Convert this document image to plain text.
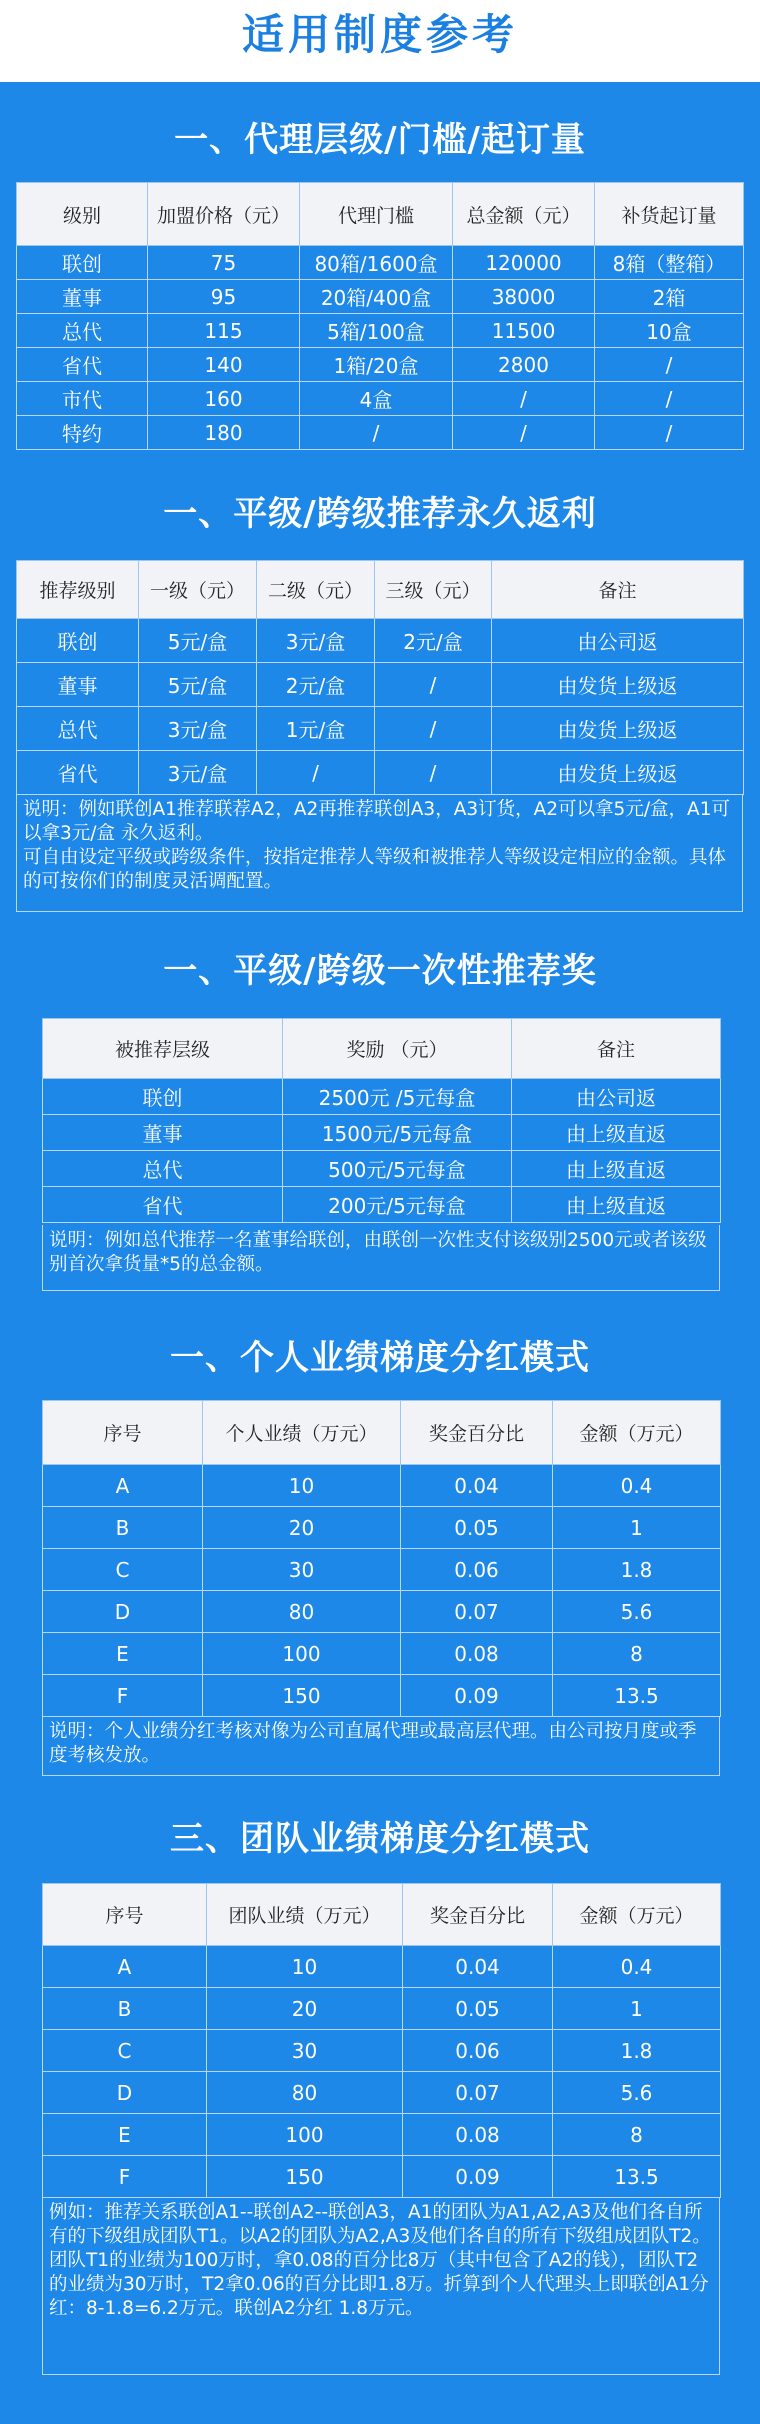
适用制度参考
一、代理层级/门槛/起订量
级别	加盟价格（元）	代理门槛	总金额（元）	补货起订量
联创	75	80箱/1600盒	120000	8箱（整箱）
董事	95	20箱/400盒	38000	2箱
总代	115	5箱/100盒	11500	10盒
省代	140	1箱/20盒	2800	/
市代	160	4盒	/	/
特约	180	/	/	/
一、平级/跨级推荐永久返利
推荐级别	一级（元）	二级（元）	三级（元）	备注
联创	5元/盒	3元/盒	2元/盒	由公司返
董事	5元/盒	2元/盒	/	由发货上级返
总代	3元/盒	1元/盒	/	由发货上级返
省代	3元/盒	/	/	由发货上级返
说明：例如联创A1推荐联荐A2，A2再推荐联创A3，A3订货，A2可以拿5元/盒，A1可以拿3元/盒 永久返利。
可自由设定平级或跨级条件，按指定推荐人等级和被推荐人等级设定相应的金额。具体的可按你们的制度灵活调配置。
一、平级/跨级一次性推荐奖
被推荐层级	奖励 （元）	备注
联创	2500元 /5元每盒	由公司返
董事	1500元/5元每盒	由上级直返
总代	500元/5元每盒	由上级直返
省代	200元/5元每盒	由上级直返
说明：例如总代推荐一名董事给联创，由联创一次性支付该级别2500元或者该级别首次拿货量*5的总金额。
一、个人业绩梯度分红模式
序号	个人业绩（万元）	奖金百分比	金额（万元）
A	10	0.04	0.4
B	20	0.05	1
C	30	0.06	1.8
D	80	0.07	5.6
E	100	0.08	8
F	150	0.09	13.5
说明：个人业绩分红考核对像为公司直属代理或最高层代理。由公司按月度或季度考核发放。
三、团队业绩梯度分红模式
序号	团队业绩（万元）	奖金百分比	金额（万元）
A	10	0.04	0.4
B	20	0.05	1
C	30	0.06	1.8
D	80	0.07	5.6
E	100	0.08	8
F	150	0.09	13.5
例如：推荐关系联创A1--联创A2--联创A3，A1的团队为A1,A2,A3及他们各自所有的下级组成团队T1。以A2的团队为A2,A3及他们各自的所有下级组成团队T2。团队T1的业绩为100万时，拿0.08的百分比8万（其中包含了A2的钱），团队T2的业绩为30万时，T2拿0.06的百分比即1.8万。折算到个人代理头上即联创A1分红：8-1.8=6.2万元。联创A2分红 1.8万元。
